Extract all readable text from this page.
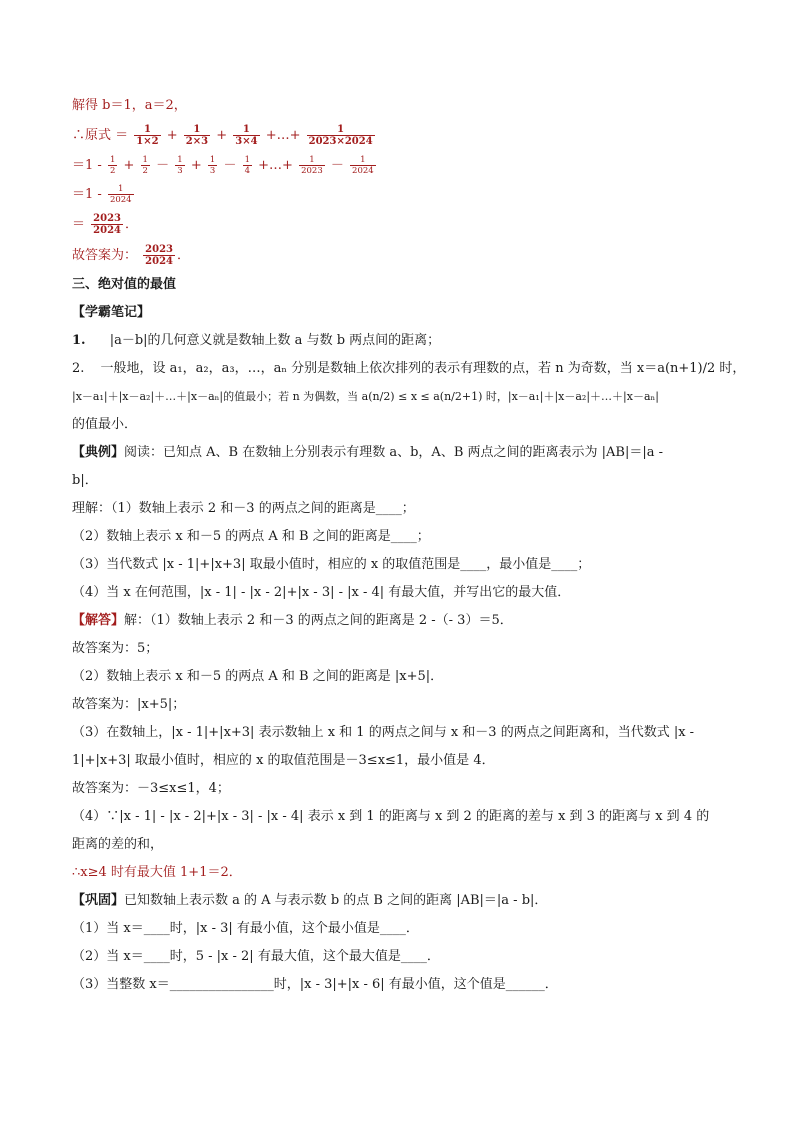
解得 b＝1，a＝2，
∴原式 ＝ $\frac{1}{1\times 2} + \frac{1}{2\times 3} + \frac{1}{3\times 4}$ +…+ $\frac{1}{2023\times 2024}$
$=1 - \frac{1}{2} + \frac{1}{2} - \frac{1}{3} + \frac{1}{3} - \frac{1}{4}$ +…+ $\frac{1}{2023} - \frac{1}{2024}$
$=1 - \frac{1}{2024}$
＝ $\frac{2023}{2024}$ ．
故答案为： $\frac{2023}{2024}$ ．
三、绝对值的最值
【学霸笔记】
1. |a－b|的几何意义就是数轴上数 a 与数 b 两点间的距离；
2. 一般地，设 a₁，a₂，a₃，…，aₙ 分别是数轴上依次排列的表示有理数的点，若 n 为奇数，当 x＝a(n+1)/2 时，
|x－a₁|＋|x－a₂|＋…＋|x－aₙ|的值最小；若 n 为偶数，当 a(n/2) ≤ x ≤ a(n/2+1) 时，|x－a₁|＋|x－a₂|＋…＋|x－aₙ|
的值最小．
【典例】阅读：已知点 A、B 在数轴上分别表示有理数 a、b，A、B 两点之间的距离表示为 |AB|＝|a -
b|．
理解：（1）数轴上表示 2 和－3 的两点之间的距离是____；
（2）数轴上表示 x 和－5 的两点 A 和 B 之间的距离是____；
（3）当代数式 |x - 1|+|x+3| 取最小值时，相应的 x 的取值范围是____，最小值是____；
（4）当 x 在何范围，|x - 1| - |x - 2|+|x - 3| - |x - 4| 有最大值，并写出它的最大值．
【解答】解：（1）数轴上表示 2 和－3 的两点之间的距离是 2 -（- 3）＝5．
故答案为：5；
（2）数轴上表示 x 和－5 的两点 A 和 B 之间的距离是 |x+5|．
故答案为：|x+5|；
（3）在数轴上，|x - 1|+|x+3| 表示数轴上 x 和 1 的两点之间与 x 和－3 的两点之间距离和，当代数式 |x -
1|+|x+3| 取最小值时，相应的 x 的取值范围是－3≤x≤1，最小值是 4．
故答案为：－3≤x≤1，4；
（4）∵|x - 1| - |x - 2|+|x - 3| - |x - 4| 表示 x 到 1 的距离与 x 到 2 的距离的差与 x 到 3 的距离与 x 到 4 的
距离的差的和，
∴x≥4 时有最大值 1+1＝2．
【巩固】已知数轴上表示数 a 的 A 与表示数 b 的点 B 之间的距离 |AB|＝|a - b|．
（1）当 x＝____时，|x - 3| 有最小值，这个最小值是____．
（2）当 x＝____时，5 - |x - 2| 有最大值，这个最大值是____．
（3）当整数 x＝________________时，|x - 3|+|x - 6| 有最小值，这个值是______．
